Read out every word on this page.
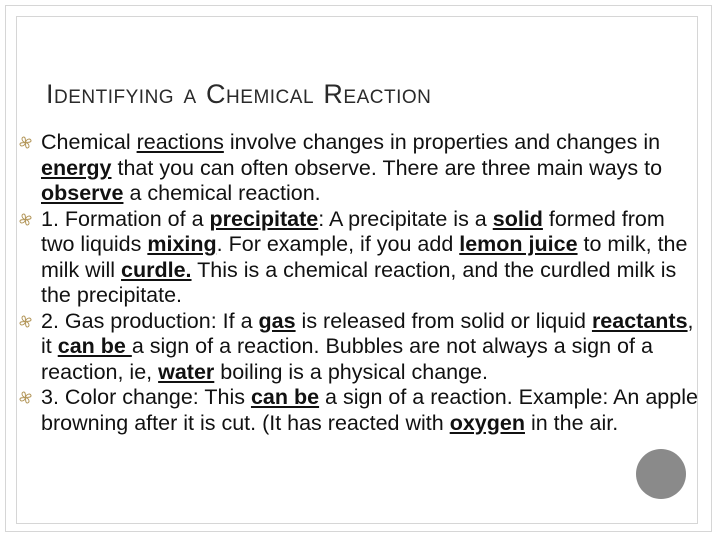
IDENTIFYING A CHEMICAL REACTION
Chemical reactions involve changes in properties and changes in energy that you can often observe. There are three main ways to observe a chemical reaction.
1. Formation of a precipitate: A precipitate is a solid formed from two liquids mixing. For example, if you add lemon juice to milk, the milk will curdle. This is a chemical reaction, and the curdled milk is the precipitate.
2. Gas production: If a gas is released from solid or liquid reactants, it can be a sign of a reaction. Bubbles are not always a sign of a reaction, ie, water boiling is a physical change.
3. Color change: This can be a sign of a reaction. Example: An apple browning after it is cut. (It has reacted with oxygen in the air.
